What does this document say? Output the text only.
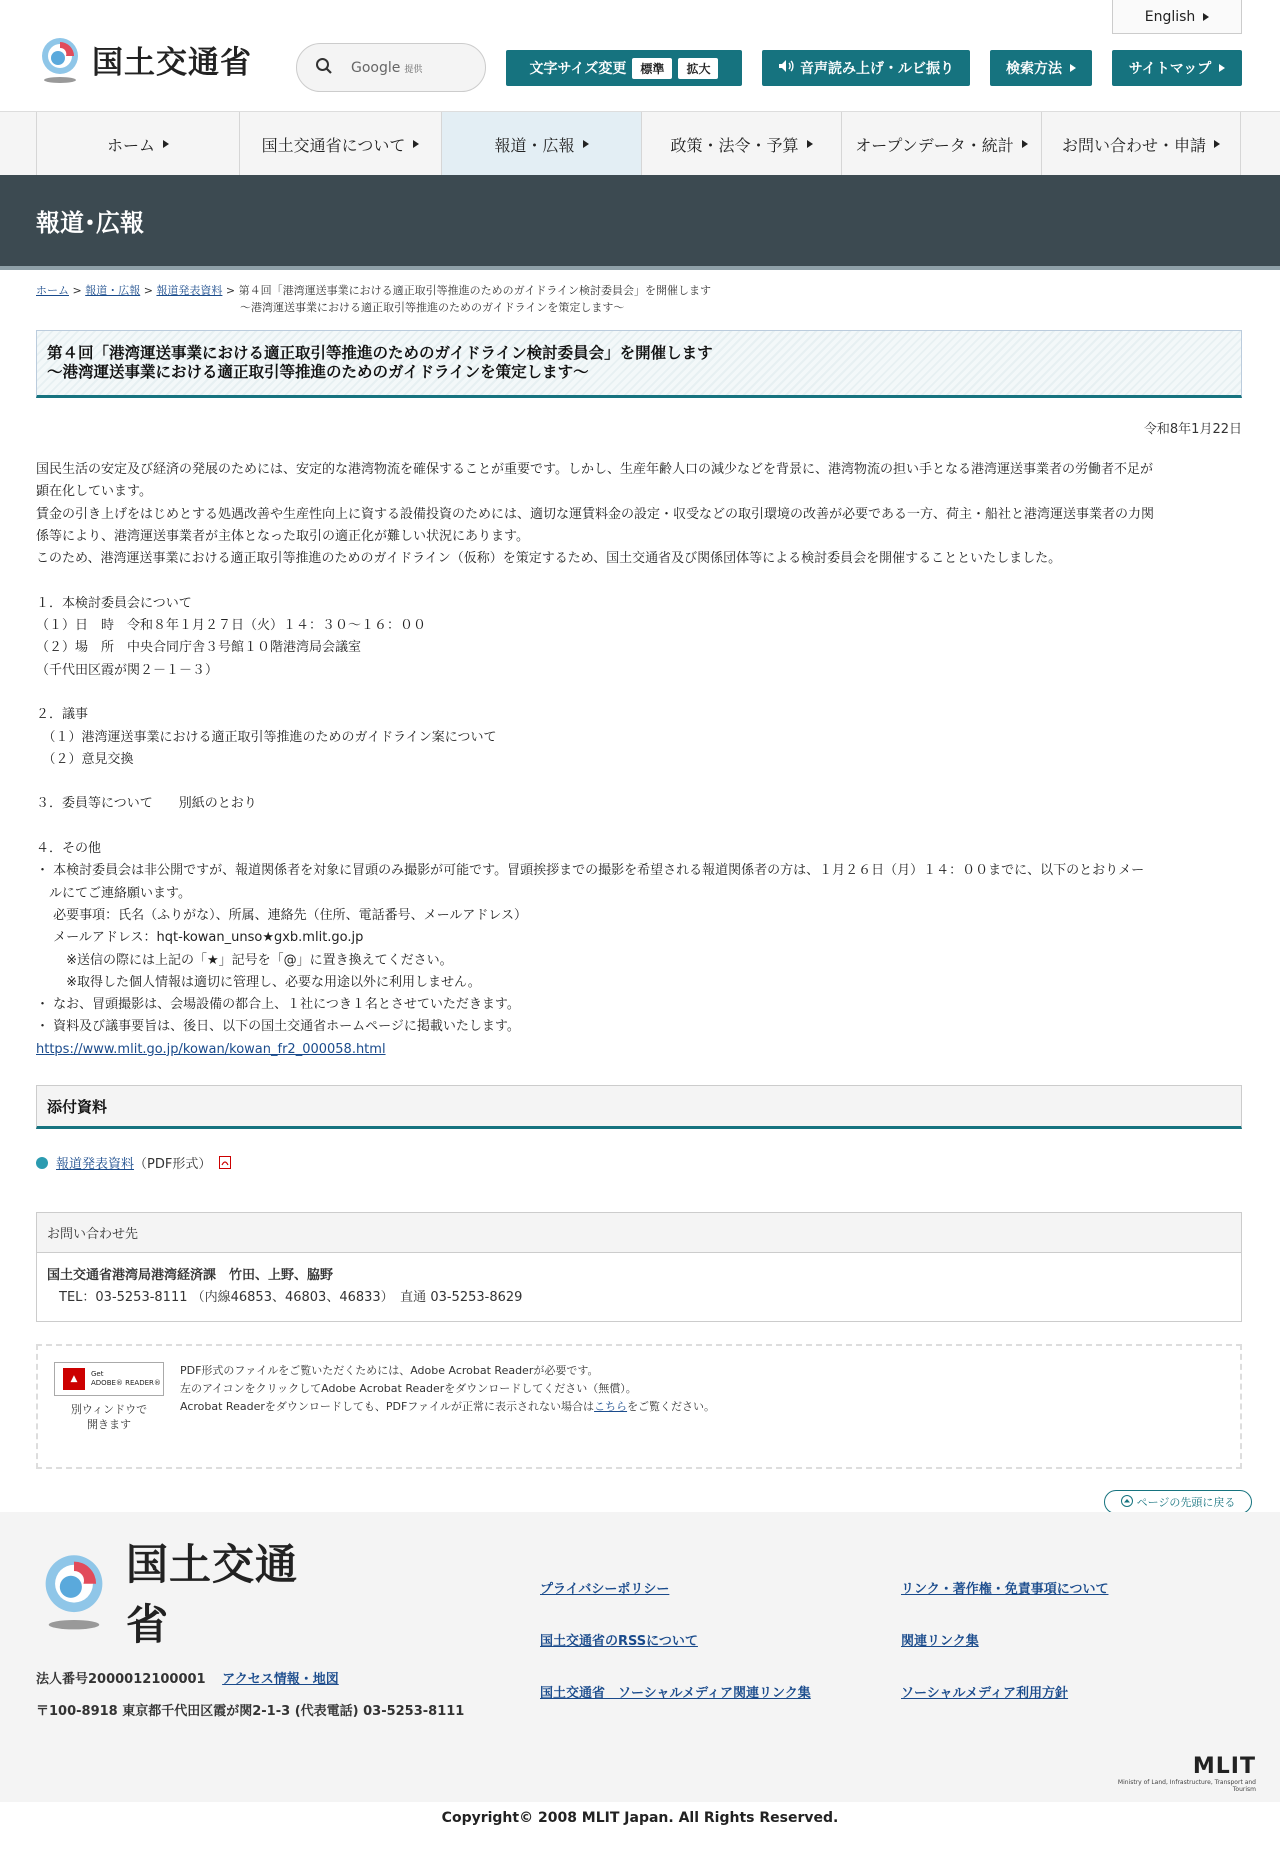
国土交通省	Google 提供	文字サイズ変更	標準	拡大	音声読み上げ・ルビ振り	検索方法	サイトマップ
English
ホーム	国土交通省について	報道・広報	政策・法令・予算	オープンデータ・統計	お問い合わせ・申請
報道･広報
ホーム > 報道・広報 > 報道発表資料 > 第４回「港湾運送事業における適正取引等推進のためのガイドライン検討委員会」を開催します
～港湾運送事業における適正取引等推進のためのガイドラインを策定します～
第４回「港湾運送事業における適正取引等推進のためのガイドライン検討委員会」を開催します
～港湾運送事業における適正取引等推進のためのガイドラインを策定します～
令和8年1月22日

国民生活の安定及び経済の発展のためには、安定的な港湾物流を確保することが重要です。しかし、生産年齢人口の減少などを背景に、港湾物流の担い手となる港湾運送事業者の労働者不足が

顕在化しています。

賃金の引き上げをはじめとする処遇改善や生産性向上に資する設備投資のためには、適切な運賃料金の設定・収受などの取引環境の改善が必要である一方、荷主・船社と港湾運送事業者の力関

係等により、港湾運送事業者が主体となった取引の適正化が難しい状況にあります。

このため、港湾運送事業における適正取引等推進のためのガイドライン（仮称）を策定するため、国土交通省及び関係団体等による検討委員会を開催することといたしました。

１．本検討委員会について

（１）日　時　令和８年１月２７日（火）１４：３０～１６：００

（２）場　所　中央合同庁舎３号館１０階港湾局会議室

（千代田区霞が関２－１－３）

２．議事

　（１）港湾運送事業における適正取引等推進のためのガイドライン案について

　（２）意見交換

３．委員等について　　別紙のとおり

４．その他

・ 本検討委員会は非公開ですが、報道関係者を対象に冒頭のみ撮影が可能です。冒頭挨拶までの撮影を希望される報道関係者の方は、１月２６日（月）１４：００までに、以下のとおりメー

　ルにてご連絡願います。

　 必要事項：氏名（ふりがな）、所属、連絡先（住所、電話番号、メールアドレス）

　 メールアドレス：hqt-kowan_unso★gxb.mlit.go.jp

　　 ※送信の際には上記の「★」記号を「@」に置き換えてください。

　　 ※取得した個人情報は適切に管理し、必要な用途以外に利用しません。

・ なお、冒頭撮影は、会場設備の都合上、１社につき１名とさせていただきます。

・ 資料及び議事要旨は、後日、以下の国土交通省ホームページに掲載いたします。

https://www.mlit.go.jp/kowan/kowan_fr2_000058.html

添付資料
報道発表資料 （PDF形式）
お問い合わせ先
国土交通省港湾局港湾経済課　竹田、上野、脇野
TEL：03-5253-8111 （内線46853、46803、46833）　直通 03-5253-8629
▲	Get
ADOBE® READER®
別ウィンドウで
開きます
PDF形式のファイルをご覧いただくためには、Adobe Acrobat Readerが必要です。
左のアイコンをクリックしてAdobe Acrobat Readerをダウンロードしてください（無償）。
Acrobat Readerをダウンロードしても、PDFファイルが正常に表示されない場合はこちらをご覧ください。
ページの先頭に戻る
国土交通省
法人番号2000012100001 アクセス情報・地図
〒100-8918 東京都千代田区霞が関2-1-3 (代表電話) 03-5253-8111
プライバシーポリシー	リンク・著作権・免責事項について
国土交通省のRSSについて	関連リンク集
国土交通省　ソーシャルメディア関連リンク集	ソーシャルメディア利用方針
MLIT
Ministry of Land, Infrastructure, Transport and Tourism
Copyright© 2008 MLIT Japan. All Rights Reserved.
